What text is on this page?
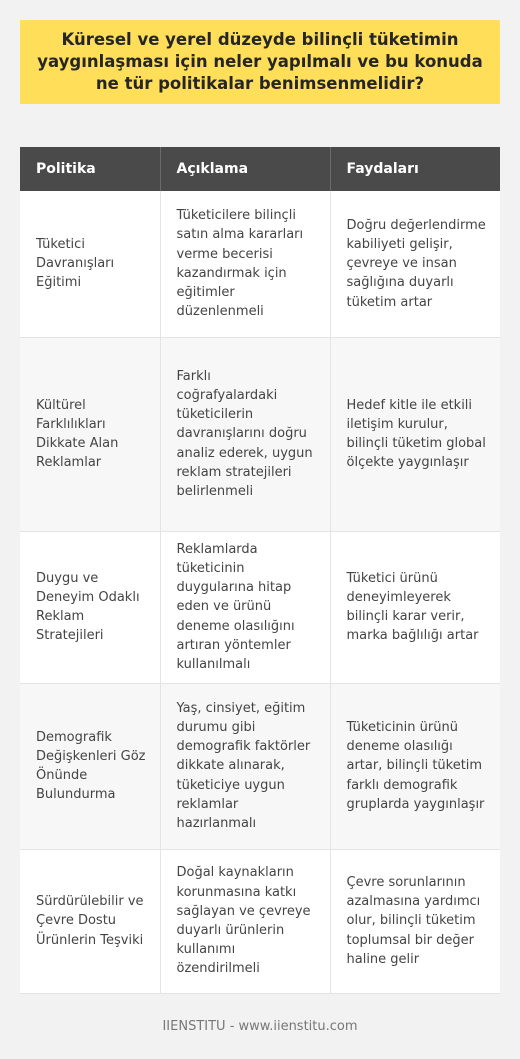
Küresel ve yerel düzeyde bilinçli tüketimin yaygınlaşması için neler yapılmalı ve bu konuda ne tür politikalar benimsenmelidir?
Politika	Açıklama	Faydaları
Tüketici Davranışları Eğitimi	Tüketicilere bilinçli satın alma kararları verme becerisi kazandırmak için eğitimler düzenlenmeli	Doğru değerlendirme kabiliyeti gelişir, çevreye ve insan sağlığına duyarlı tüketim artar
Kültürel Farklılıkları Dikkate Alan Reklamlar	Farklı coğrafyalardaki tüketicilerin davranışlarını doğru analiz ederek, uygun reklam stratejileri belirlenmeli	Hedef kitle ile etkili iletişim kurulur, bilinçli tüketim global ölçekte yaygınlaşır
Duygu ve Deneyim Odaklı Reklam Stratejileri	Reklamlarda tüketicinin duygularına hitap eden ve ürünü deneme olasılığını artıran yöntemler kullanılmalı	Tüketici ürünü deneyimleyerek bilinçli karar verir, marka bağlılığı artar
Demografik Değişkenleri Göz Önünde Bulundurma	Yaş, cinsiyet, eğitim durumu gibi demografik faktörler dikkate alınarak, tüketiciye uygun reklamlar hazırlanmalı	Tüketicinin ürünü deneme olasılığı artar, bilinçli tüketim farklı demografik gruplarda yaygınlaşır
Sürdürülebilir ve Çevre Dostu Ürünlerin Teşviki	Doğal kaynakların korunmasına katkı sağlayan ve çevreye duyarlı ürünlerin kullanımı özendirilmeli	Çevre sorunlarının azalmasına yardımcı olur, bilinçli tüketim toplumsal bir değer haline gelir
IIENSTITU - www.iienstitu.com
